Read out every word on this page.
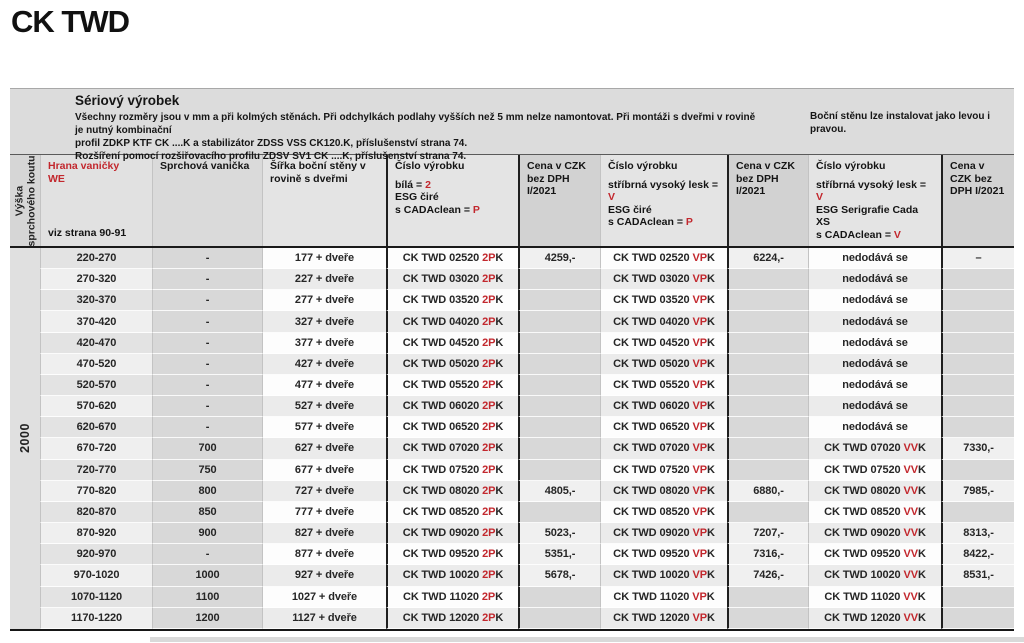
CK TWD
Sériový výrobek
Všechny rozměry jsou v mm a při kolmých stěnách. Při odchylkách podlahy vyšších než 5 mm nelze namontovat. Při montáži s dveřmi v rovině je nutný kombinační
profil ZDKP KTF CK ....K a stabilizátor ZDSS VSS CK120.K, příslušenství strana 74.
Rozšíření pomocí rozšiřovacího profilu ZDSV SV1 CK ....K, příslušenství strana 74.
Boční stěnu lze instalovat jako levou i pravou.
Výška sprchového koutu Hrana vaničky
WE
viz strana 90-91
Sprchová vanička	Šířka boční stěny v rovině s dveřmi
Číslo výrobku
bílá = 2
ESG čiré
s CADAclean = P
Cena v CZK bez DPH I/2021
Číslo výrobku
stříbrná vysoký lesk = V
ESG čiré
s CADAclean = P
Cena v CZK bez DPH I/2021
Číslo výrobku
stříbrná vysoký lesk = V
ESG Serigrafie Cada XS
s CADAclean = V
Cena v CZK bez DPH I/2021
2000
220-270	-	177 + dveře	CK TWD 02520 2P K	4259,-	CK TWD 02520 VP K	6224,-	nedodává se	–
270-320	-	227 + dveře	CK TWD 03020 2P K	CK TWD 03020 VP K	nedodává se
320-370	-	277 + dveře	CK TWD 03520 2P K	CK TWD 03520 VP K	nedodává se
370-420	-	327 + dveře	CK TWD 04020 2P K	CK TWD 04020 VP K	nedodává se
420-470	-	377 + dveře	CK TWD 04520 2P K	CK TWD 04520 VP K	nedodává se
470-520	-	427 + dveře	CK TWD 05020 2P K	CK TWD 05020 VP K	nedodává se
520-570	-	477 + dveře	CK TWD 05520 2P K	CK TWD 05520 VP K	nedodává se
570-620	-	527 + dveře	CK TWD 06020 2P K	CK TWD 06020 VP K	nedodává se
620-670	-	577 + dveře	CK TWD 06520 2P K	CK TWD 06520 VP K	nedodává se
670-720	700	627 + dveře	CK TWD 07020 2P K	CK TWD 07020 VP K	CK TWD 07020 VV K	7330,-
720-770	750	677 + dveře	CK TWD 07520 2P K	CK TWD 07520 VP K	CK TWD 07520 VV K
770-820	800	727 + dveře	CK TWD 08020 2P K	4805,-	CK TWD 08020 VP K	6880,-	CK TWD 08020 VV K	7985,-
820-870	850	777 + dveře	CK TWD 08520 2P K	CK TWD 08520 VP K	CK TWD 08520 VV K
870-920	900	827 + dveře	CK TWD 09020 2P K	5023,-	CK TWD 09020 VP K	7207,-	CK TWD 09020 VV K	8313,-
920-970	-	877 + dveře	CK TWD 09520 2P K	5351,-	CK TWD 09520 VP K	7316,-	CK TWD 09520 VV K	8422,-
970-1020	1000	927 + dveře	CK TWD 10020 2P K	5678,-	CK TWD 10020 VP K	7426,-	CK TWD 10020 VV K	8531,-
1070-1120	1100	1027 + dveře	CK TWD 11020 2P K	CK TWD 11020 VP K	CK TWD 11020 VV K
1170-1220	1200	1127 + dveře	CK TWD 12020 2P K	CK TWD 12020 VP K	CK TWD 12020 VV K
